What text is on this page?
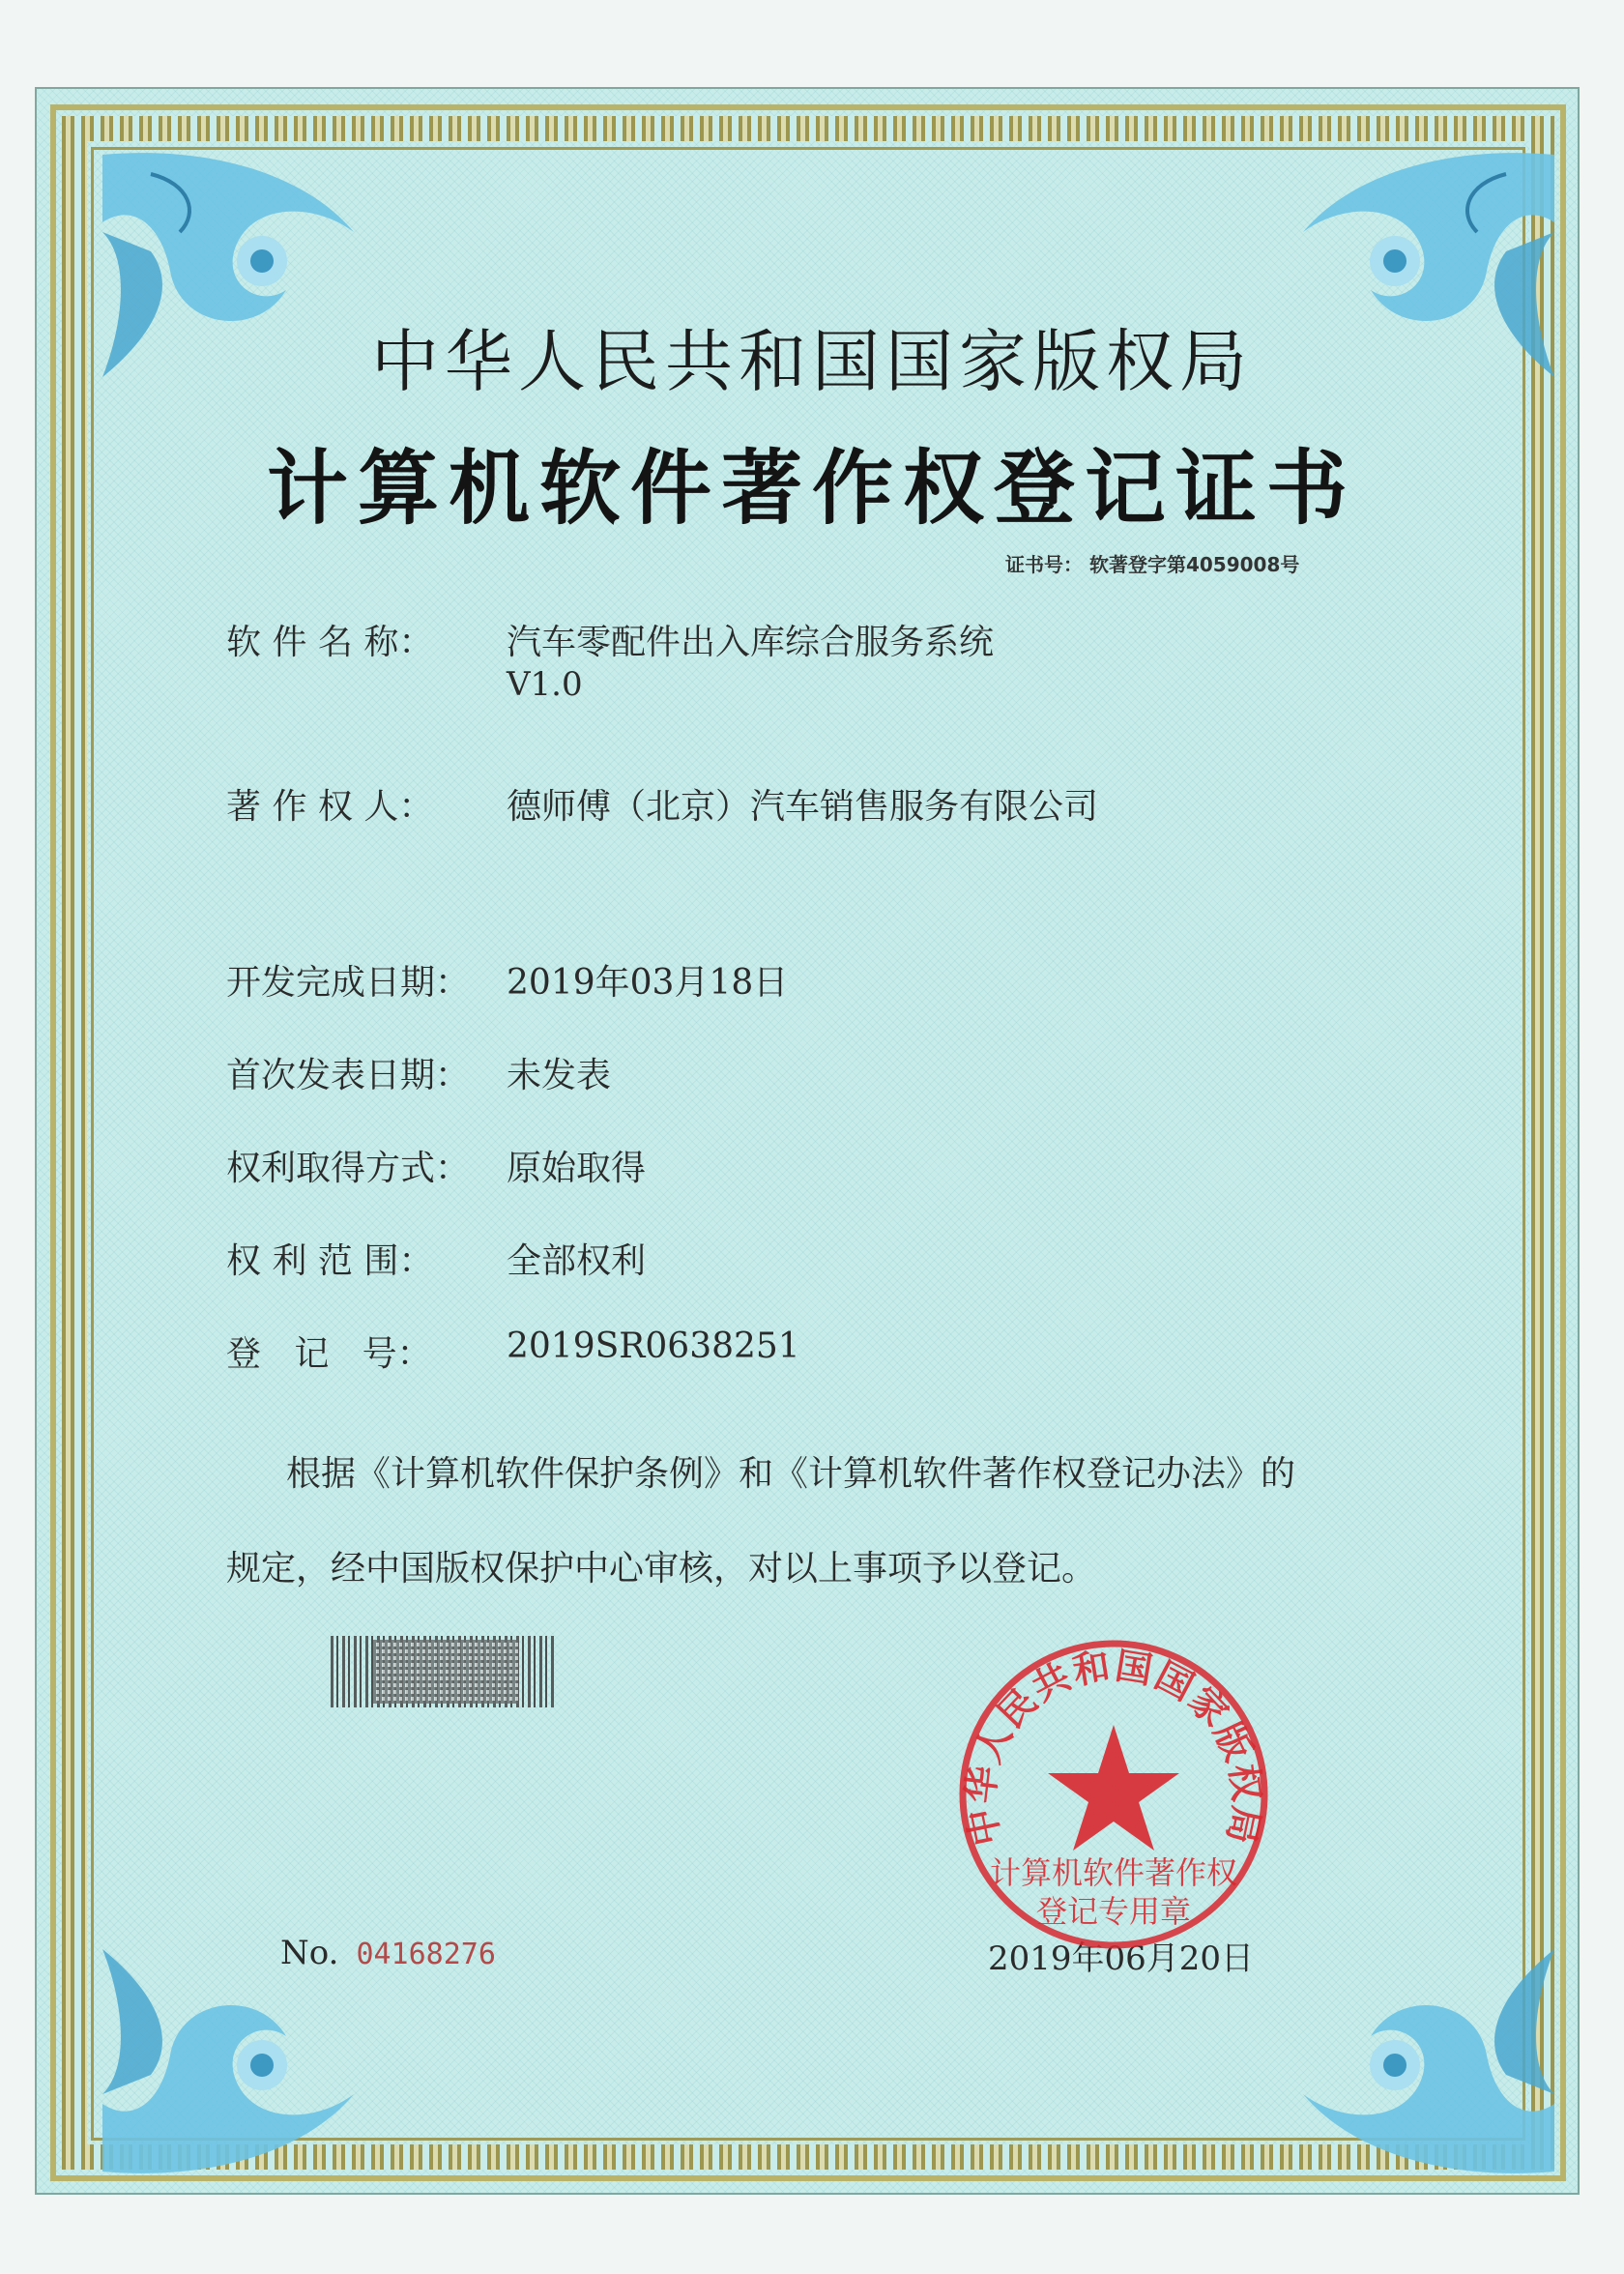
中华人民共和国国家版权局
计算机软件著作权登记证书
证书号： 软著登字第4059008号
软 件 名 称：	汽车零配件出入库综合服务系统
V1.0
著 作 权 人：	德师傅（北京）汽车销售服务有限公司
开发完成日期： 2019年03月18日
首次发表日期： 未发表
权利取得方式： 原始取得
权 利 范 围：	全部权利
登   记   号：	2019SR0638251
根据《计算机软件保护条例》和《计算机软件著作权登记办法》的
规定，经中国版权保护中心审核，对以上事项予以登记。
No. 04168276	2019年06月20日
中华人民共和国国家版权局
计算机软件著作权
登记专用章
